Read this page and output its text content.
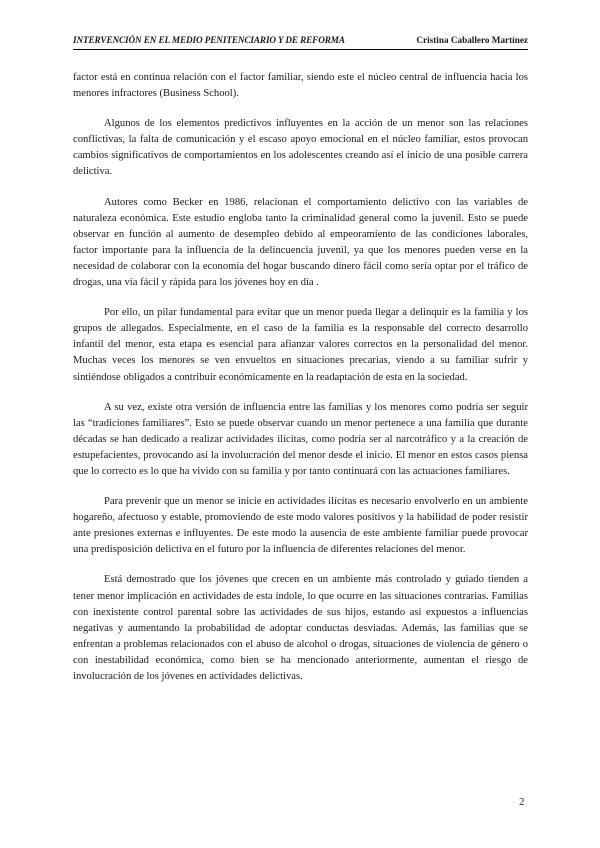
INTERVENCIÓN EN EL MEDIO PENITENCIARIO Y DE REFORMA	Cristina Caballero Martínez

factor está en continua relación con el factor familiar, siendo este el núcleo central de influencia hacia los menores infractores (Business School).

Algunos de los elementos predictivos influyentes en la acción de un menor son las relaciones conflictivas, la falta de comunicación y el escaso apoyo emocional en el núcleo familiar, estos provocan cambios significativos de comportamientos en los adolescentes creando así el inicio de una posible carrera delictiva.

Autores como Becker en 1986, relacionan el comportamiento delictivo con las variables de naturaleza económica. Este estudio engloba tanto la criminalidad general como la juvenil. Esto se puede observar en función al aumento de desempleo debido al empeoramiento de las condiciones laborales, factor importante para la influencia de la delincuencia juvenil, ya que los menores pueden verse en la necesidad de colaborar con la economía del hogar buscando dinero fácil como sería optar por el tráfico de drogas, una vía fácil y rápida para los jóvenes hoy en día .

Por ello, un pilar fundamental para evitar que un menor pueda llegar a delinquir es la familia y los grupos de allegados. Especialmente, en el caso de la familia es la responsable del correcto desarrollo infantil del menor, esta etapa es esencial para afianzar valores correctos en la personalidad del menor. Muchas veces los menores se ven envueltos en situaciones precarias, viendo a su familiar sufrir y sintiéndose obligados a contribuir económicamente en la readaptación de esta en la sociedad.

A su vez, existe otra versión de influencia entre las familias y los menores como podría ser seguir las “tradiciones familiares”. Esto se puede observar cuando un menor pertenece a una familia que durante décadas se han dedicado a realizar actividades ilícitas, como podría ser al narcotráfico y a la creación de estupefacientes, provocando así la involucración del menor desde el inicio. El menor en estos casos piensa que lo correcto es lo que ha vivido con su familia y por tanto continuará con las actuaciones familiares.

Para prevenir que un menor se inicie en actividades ilícitas es necesario envolverlo en un ambiente hogareño, afectuoso y estable, promoviendo de este modo valores positivos y la habilidad de poder resistir ante presiones externas e influyentes. De este modo la ausencia de este ambiente familiar puede provocar una predisposición delictiva en el futuro por la influencia de diferentes relaciones del menor.

Está demostrado que los jóvenes que crecen en un ambiente más controlado y guiado tienden a tener menor implicación en actividades de esta índole, lo que ocurre en las situaciones contrarias. Familias con inexistente control parental sobre las actividades de sus hijos, estando así expuestos a influencias negativas y aumentando la probabilidad de adoptar conductas desviadas. Además, las familias que se enfrentan a problemas relacionados con el abuso de alcohol o drogas, situaciones de violencia de género o con inestabilidad económica, como bien se ha mencionado anteriormente, aumentan el riesgo de involucración de los jóvenes en actividades delictivas.

2
